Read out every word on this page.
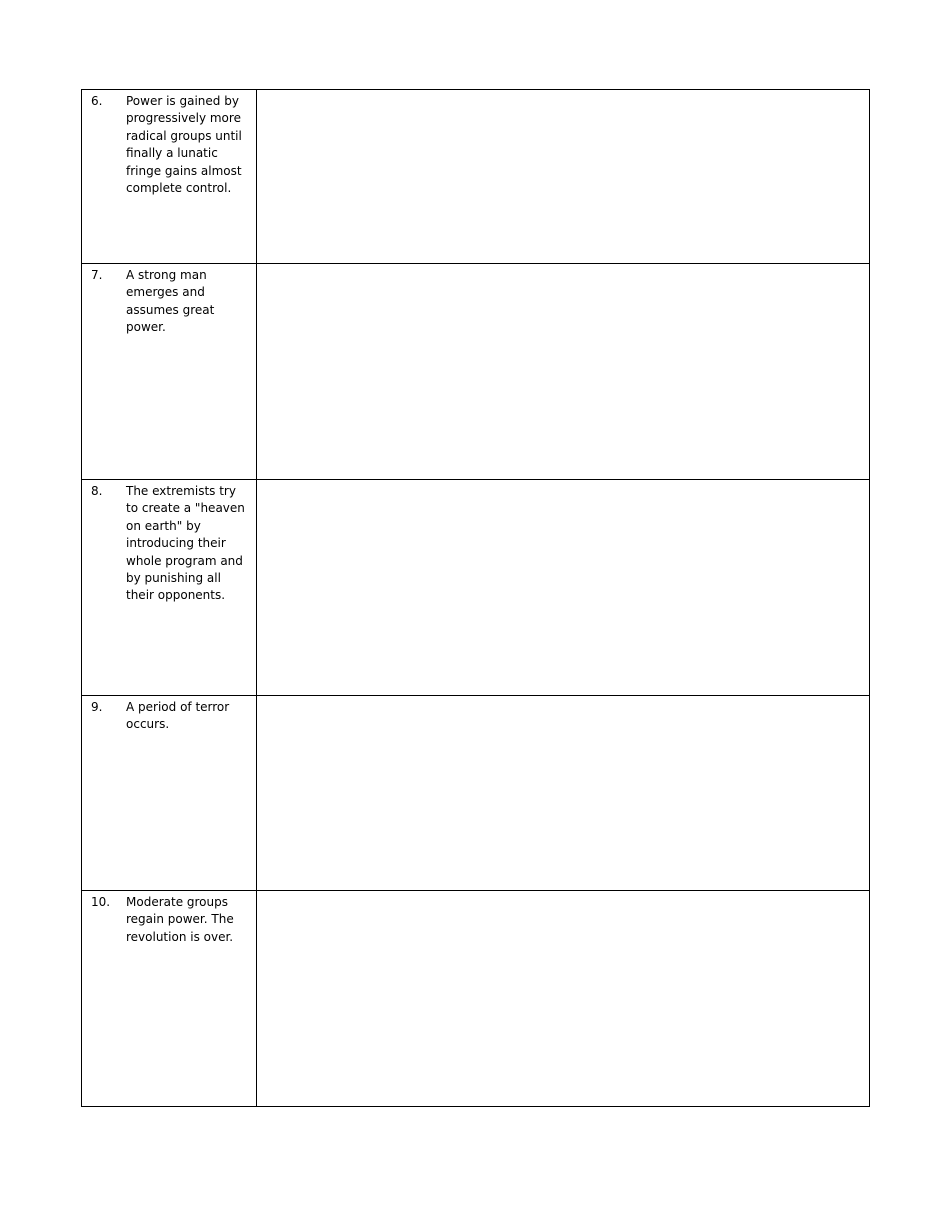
6. Power is gained by progressively more radical groups until finally a lunatic fringe gains almost complete control.	

7. A strong man emerges and assumes great power.	

8. The extremists try to create a "heaven on earth" by introducing their whole program and by punishing all their opponents.	

9. A period of terror occurs.	

10. Moderate groups regain power. The revolution is over.	
